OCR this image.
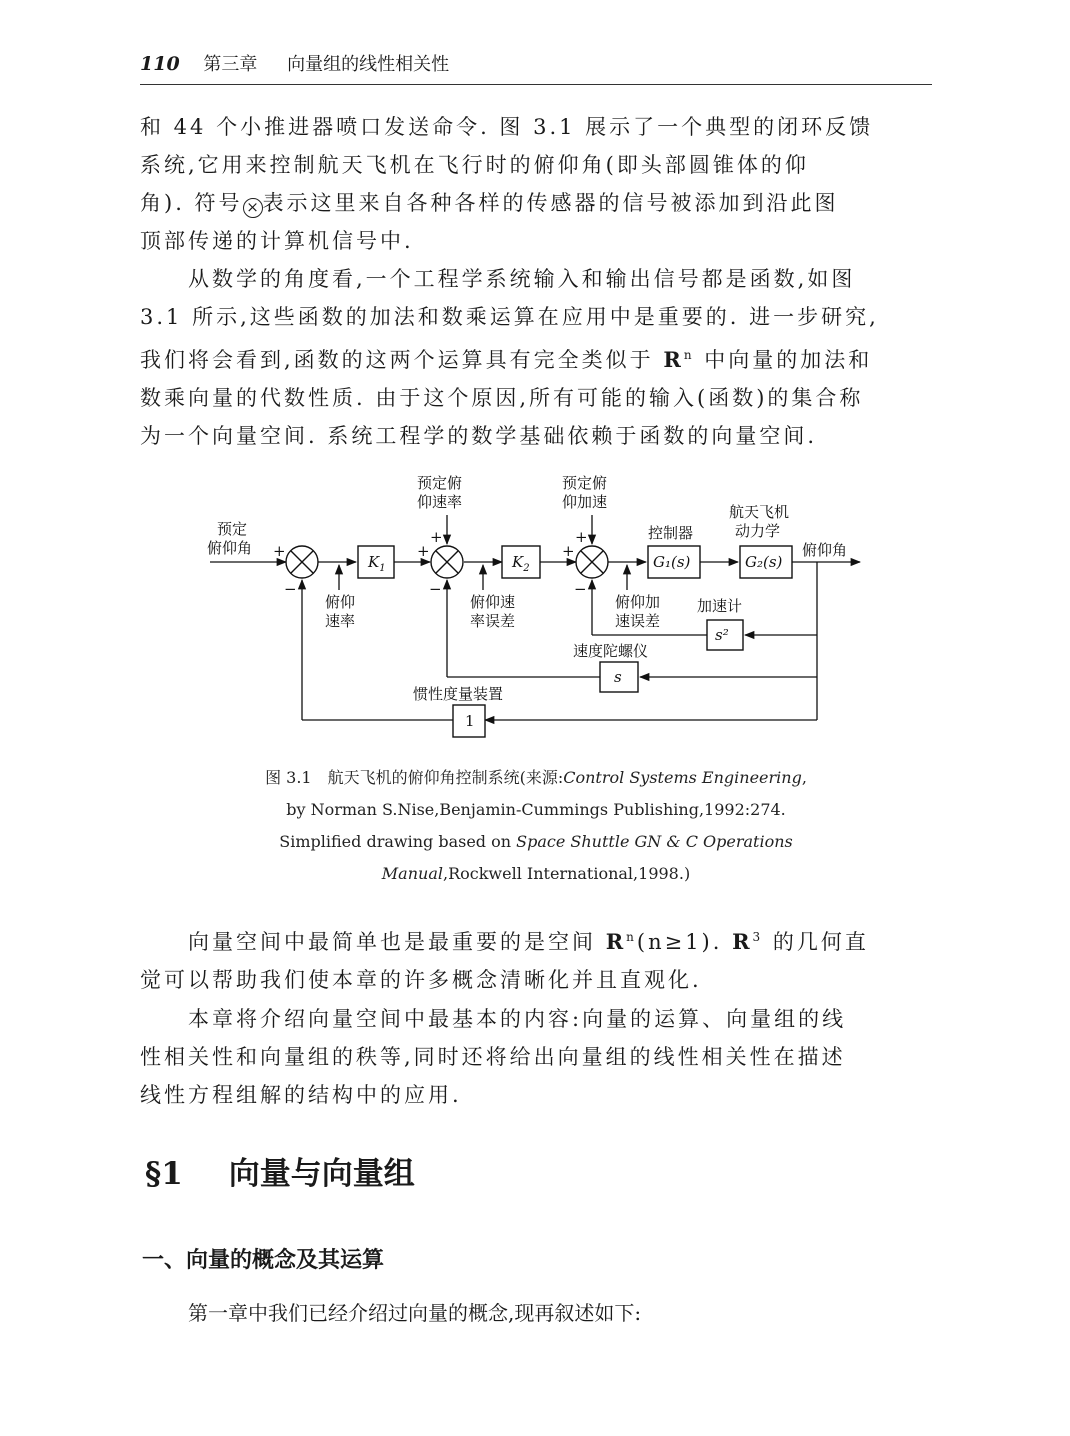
110 第三章 向量组的线性相关性

和 44 个小推进器喷口发送命令. 图 3.1 展示了一个典型的闭环反馈
系统,它用来控制航天飞机在飞行时的俯仰角(即头部圆锥体的仰
角). 符号 × 表示这里来自各种各样的传感器的信号被添加到沿此图
顶部传递的计算机信号中.

从数学的角度看,一个工程学系统输入和输出信号都是函数,如图
3.1 所示,这些函数的加法和数乘运算在应用中是重要的. 进一步研究,
我们将会看到,函数的这两个运算具有完全类似于 $R^n$ 中向量的加法和
数乘向量的代数性质. 由于这个原因,所有可能的输入(函数)的集合称
为一个向量空间. 系统工程学的数学基础依赖于函数的向量空间.

预定
俯仰角 +
−
+
+
−
+
+
−
$K_1$	$K_2$
预定俯
仰速率
预定俯
仰加速
控制器
G₁(s)
航天飞机
动力学
G₂(s)
俯仰角
俯仰
速率
俯仰速
率误差
俯仰加
速误差
加速计
s²
速度陀螺仪
s
惯性度量装置
1
图 3.1　航天飞机的俯仰角控制系统(来源:Control Systems Engineering,
by Norman S.Nise,Benjamin-Cummings Publishing,1992:274.
Simplified drawing based on Space Shuttle GN & C Operations
Manual,Rockwell International,1998.)

向量空间中最简单也是最重要的是空间 $R^n(n\ge 1)$. $R^3$ 的几何直
觉可以帮助我们使本章的许多概念清晰化并且直观化.

本章将介绍向量空间中最基本的内容:向量的运算、向量组的线
性相关性和向量组的秩等,同时还将给出向量组的线性相关性在描述
线性方程组解的结构中的应用.

§1 向量与向量组
一、向量的概念及其运算
第一章中我们已经介绍过向量的概念,现再叙述如下:
